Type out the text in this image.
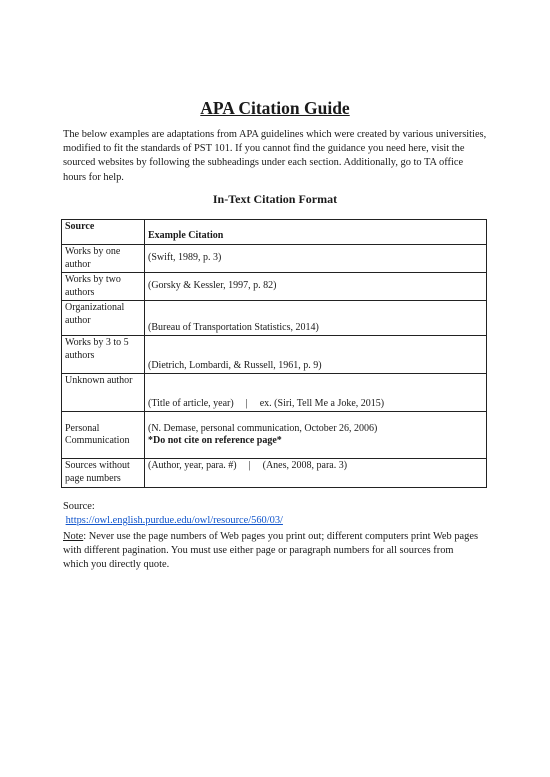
APA Citation Guide

The below examples are adaptations from APA guidelines which were created by various universities, modified to fit the standards of PST 101. If you cannot find the guidance you need here, visit the sourced websites by following the subheadings under each section. Additionally, go to TA office hours for help.

In-Text Citation Format
Source	Example Citation
Works by one author	(Swift, 1989, p. 3)
Works by two authors	(Gorsky & Kessler, 1997, p. 82)
Organizational author	(Bureau of Transportation Statistics, 2014)
Works by 3 to 5 authors	(Dietrich, Lombardi, & Russell, 1961, p. 9)
Unknown author	(Title of article, year) | ex. (Siri, Tell Me a Joke, 2015)
Personal Communication	(N. Demase, personal communication, October 26, 2006)
*Do not cite on reference page*

Sources without page numbers	(Author, year, para. #) | (Anes, 2008, para. 3)

Source:
https://owl.english.purdue.edu/owl/resource/560/03/

Note: Never use the page numbers of Web pages you print out; different computers print Web pages with different pagination. You must use either page or paragraph numbers for all sources from which you directly quote.
